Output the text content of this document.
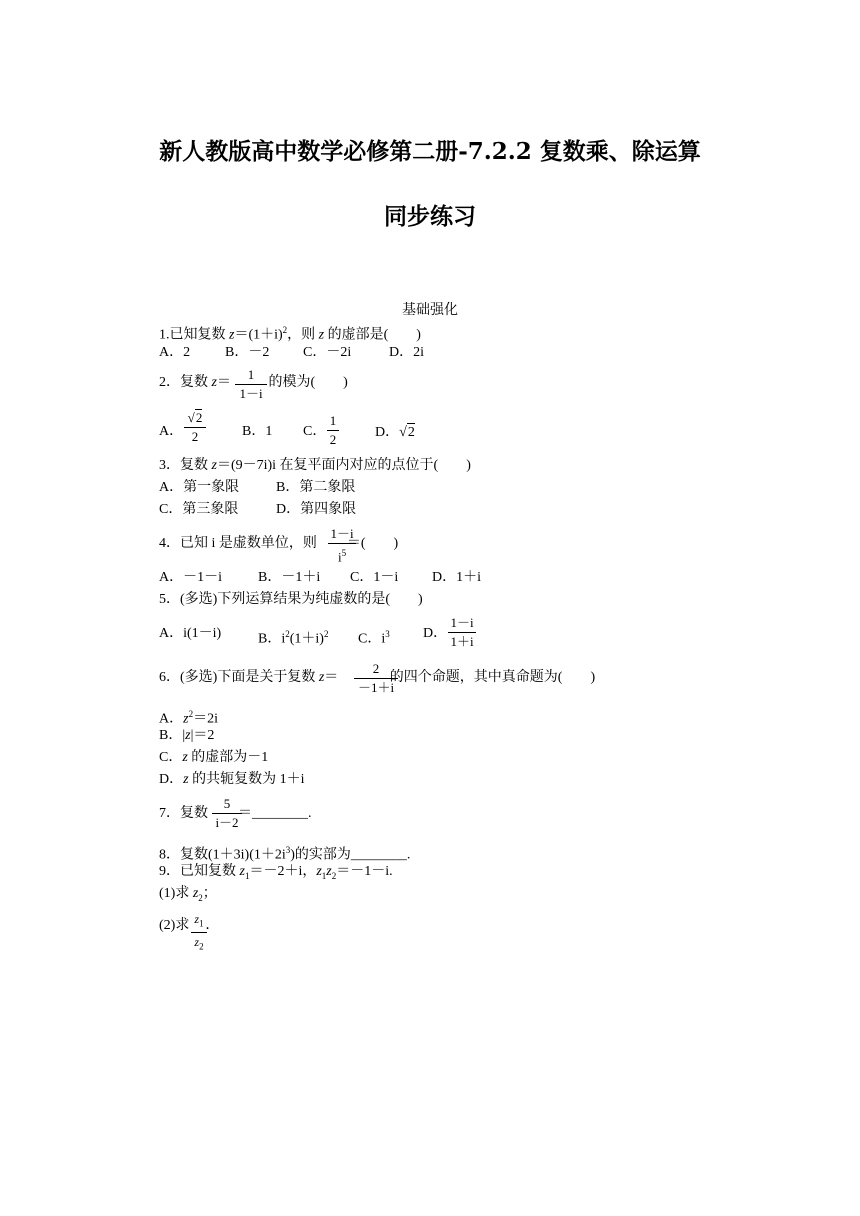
新人教版高中数学必修第二册-7.2.2 复数乘、除运算
同步练习
基础强化
1.已知复数 $z=(1+i)^2$，则 z 的虚部是(　　)
A．2 B．－2 C．－2i	D．2i
2．复数 z＝ 的模为(　　)
1
1－i
A．
√2
2	B．1 C．
1
2	D．√2
3．复数 z＝(9－7i)i 在复平面内对应的点位于(　　)
A．第一象限	B．第二象限
C．第三象限	D．第四象限
4．已知 i 是虚数单位，则 ＝(　　)
1－i
$i^5$
A．－1－i	B．－1＋i C．1－i D．1＋i
5．(多选)下列运算结果为纯虚数的是(　　)
A．i(1－i)	B．$i^2(1+i)^2$ C．$i^3$ D．
1－i
1＋i
6．(多选)下面是关于复数 z＝	的四个命题，其中真命题为(　　)
2
－1＋i
A．$z^2=2i$
B．|z|＝2
C．z 的虚部为－1
D．z 的共轭复数为 1＋i
7．复数 ＝________.
5
i－2
8．复数$(1+3i)(1+2i^3)$的实部为________.
9．已知复数 $z_1=-2+i$，$z_1z_2=-1-i$.
(1)求 $z_2$；
(2)求 ．
$z_1$
$z_2$
